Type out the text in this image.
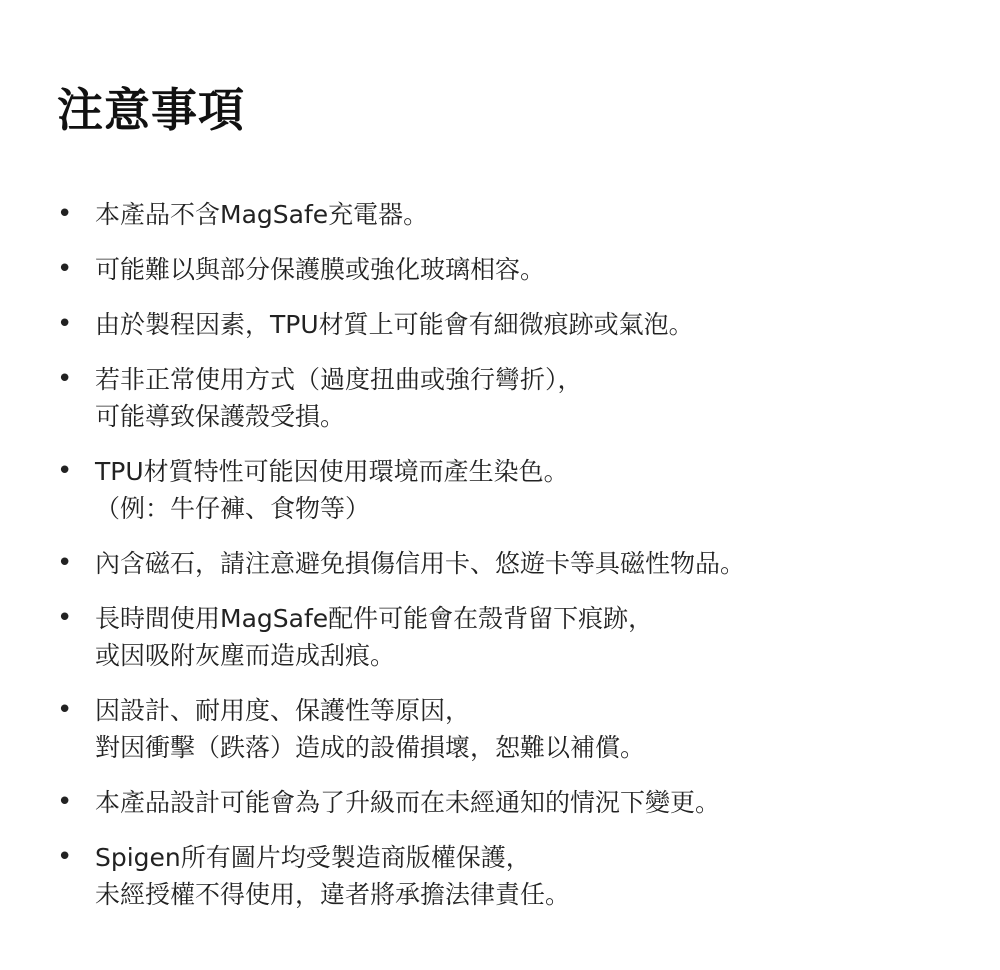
注意事項
• 本產品不含MagSafe充電器。
• 可能難以與部分保護膜或強化玻璃相容。
• 由於製程因素，TPU材質上可能會有細微痕跡或氣泡。
• 若非正常使用方式（過度扭曲或強行彎折），
可能導致保護殼受損。
• TPU材質特性可能因使用環境而產生染色。
（例：牛仔褲、食物等）
• 內含磁石，請注意避免損傷信用卡、悠遊卡等具磁性物品。
• 長時間使用MagSafe配件可能會在殼背留下痕跡，
或因吸附灰塵而造成刮痕。
• 因設計、耐用度、保護性等原因，
對因衝擊（跌落）造成的設備損壞，恕難以補償。
• 本產品設計可能會為了升級而在未經通知的情況下變更。
• Spigen所有圖片均受製造商版權保護，
未經授權不得使用，違者將承擔法律責任。
